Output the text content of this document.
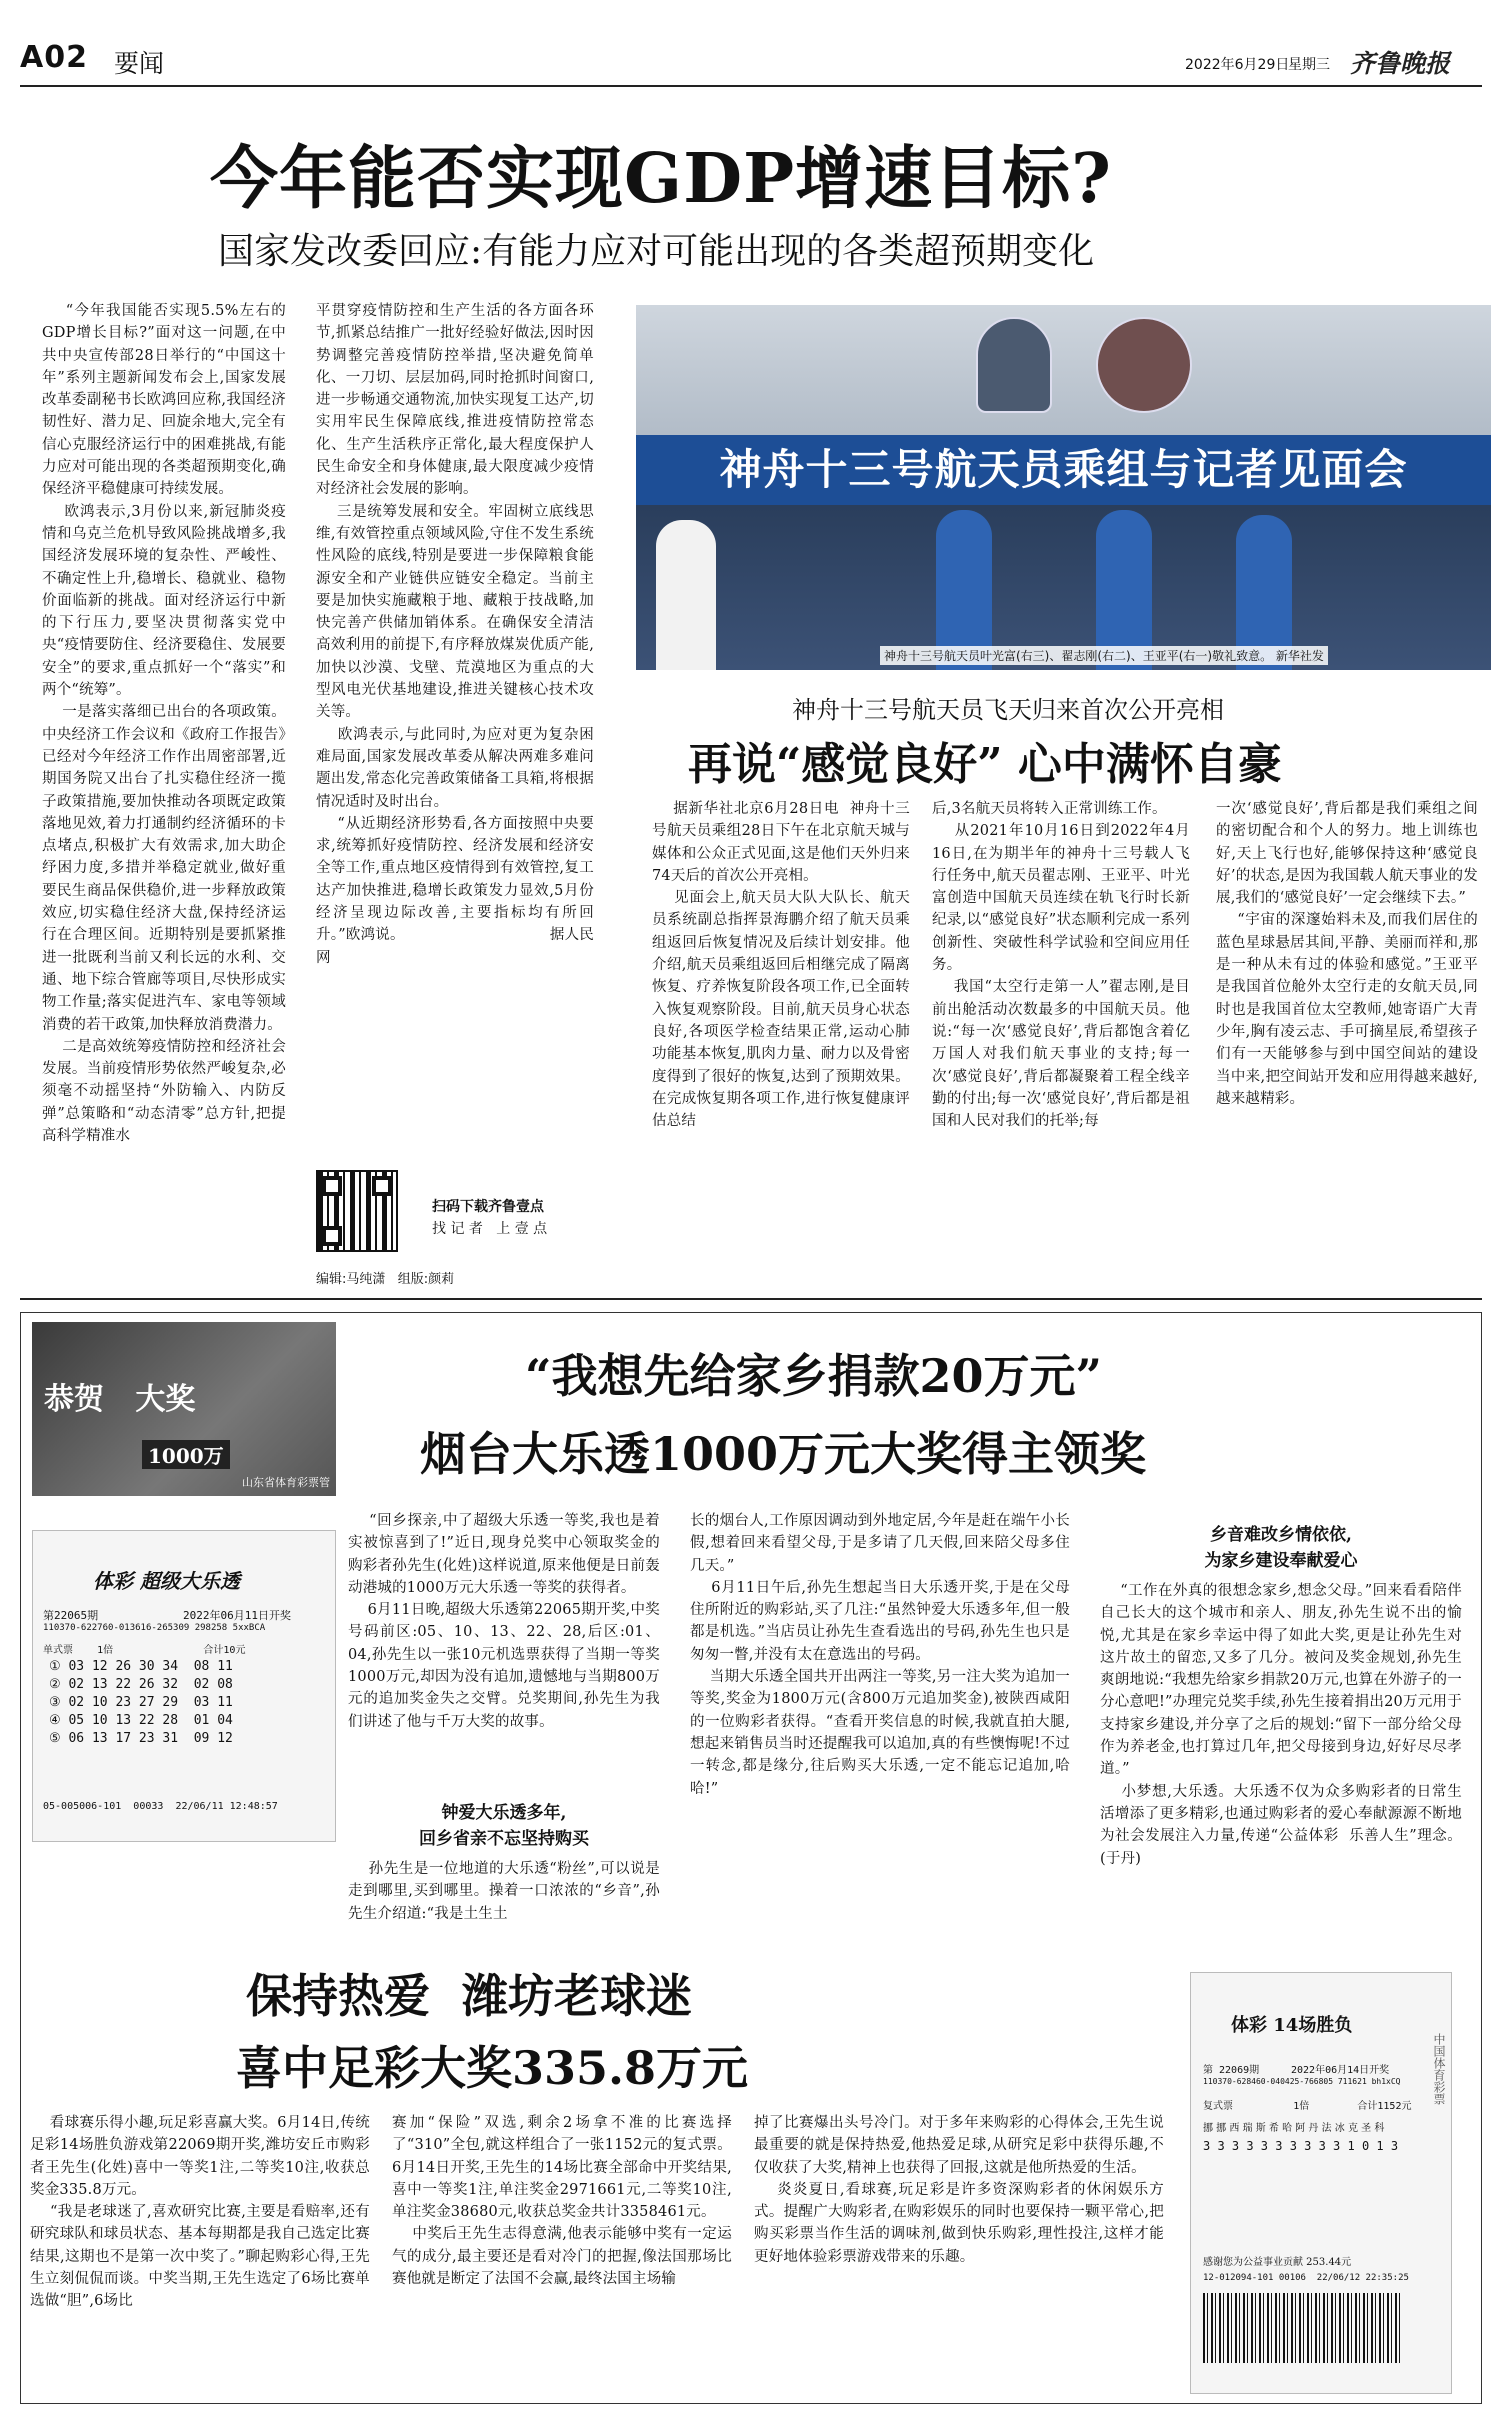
A02 要闻	2022年6月29日
星期三 齐鲁晚报
今年能否实现GDP增速目标?
国家发改委回应:有能力应对可能出现的各类超预期变化
“今年我国能否实现5.5%左右的GDP增长目标?”面对这一问题,在中共中央宣传部28日举行的“中国这十年”系列主题新闻发布会上,国家发展改革委副秘书长欧鸿回应称,我国经济韧性好、潜力足、回旋余地大,完全有信心克服经济运行中的困难挑战,有能力应对可能出现的各类超预期变化,确保经济平稳健康可持续发展。
欧鸿表示,3月份以来,新冠肺炎疫情和乌克兰危机导致风险挑战增多,我国经济发展环境的复杂性、严峻性、不确定性上升,稳增长、稳就业、稳物价面临新的挑战。面对经济运行中新的下行压力,要坚决贯彻落实党中央“疫情要防住、经济要稳住、发展要安全”的要求,重点抓好一个“落实”和两个“统筹”。
一是落实落细已出台的各项政策。中央经济工作会议和《政府工作报告》已经对今年经济工作作出周密部署,近期国务院又出台了扎实稳住经济一揽子政策措施,要加快推动各项既定政策落地见效,着力打通制约经济循环的卡点堵点,积极扩大有效需求,加大助企纾困力度,多措并举稳定就业,做好重要民生商品保供稳价,进一步释放政策效应,切实稳住经济大盘,保持经济运行在合理区间。近期特别是要抓紧推进一批既利当前又利长远的水利、交通、地下综合管廊等项目,尽快形成实物工作量;落实促进汽车、家电等领域消费的若干政策,加快释放消费潜力。
二是高效统筹疫情防控和经济社会发展。当前疫情形势依然严峻复杂,必须毫不动摇坚持“外防输入、内防反弹”总策略和“动态清零”总方针,把提高科学精准水
平贯穿疫情防控和生产生活的各方面各环节,抓紧总结推广一批好经验好做法,因时因势调整完善疫情防控举措,坚决避免简单化、一刀切、层层加码,同时抢抓时间窗口,进一步畅通交通物流,加快实现复工达产,切实用牢民生保障底线,推进疫情防控常态化、生产生活秩序正常化,最大程度保护人民生命安全和身体健康,最大限度减少疫情对经济社会发展的影响。
三是统筹发展和安全。牢固树立底线思维,有效管控重点领域风险,守住不发生系统性风险的底线,特别是要进一步保障粮食能源安全和产业链供应链安全稳定。当前主要是加快实施藏粮于地、藏粮于技战略,加快完善产供储加销体系。在确保安全清洁高效利用的前提下,有序释放煤炭优质产能,加快以沙漠、戈壁、荒漠地区为重点的大型风电光伏基地建设,推进关键核心技术攻关等。
欧鸿表示,与此同时,为应对更为复杂困难局面,国家发展改革委从解决两难多难问题出发,常态化完善政策储备工具箱,将根据情况适时及时出台。
“从近期经济形势看,各方面按照中央要求,统筹抓好疫情防控、经济发展和经济安全等工作,重点地区疫情得到有效管控,复工达产加快推进,稳增长政策发力显效,5月份经济呈现边际改善,主要指标均有所回升。”欧鸿说。                              据人民网
扫码下载齐鲁壹点
找 记 者   上 壹 点
编辑:马纯潇   组版:颜莉
神舟十三号航天员乘组与记者见面会
神舟十三号航天员叶光富(右三)、翟志刚(右二)、王亚平(右一)敬礼致意。 新华社发
神舟十三号航天员飞天归来首次公开亮相
再说“感觉良好” 心中满怀自豪
据新华社北京6月28日电  神舟十三号航天员乘组28日下午在北京航天城与媒体和公众正式见面,这是他们天外归来74天后的首次公开亮相。
见面会上,航天员大队大队长、航天员系统副总指挥景海鹏介绍了航天员乘组返回后恢复情况及后续计划安排。他介绍,航天员乘组返回后相继完成了隔离恢复、疗养恢复阶段各项工作,已全面转入恢复观察阶段。目前,航天员身心状态良好,各项医学检查结果正常,运动心肺功能基本恢复,肌肉力量、耐力以及骨密度得到了很好的恢复,达到了预期效果。在完成恢复期各项工作,进行恢复健康评估总结
后,3名航天员将转入正常训练工作。
从2021年10月16日到2022年4月16日,在为期半年的神舟十三号载人飞行任务中,航天员翟志刚、王亚平、叶光富创造中国航天员连续在轨飞行时长新纪录,以“感觉良好”状态顺利完成一系列创新性、突破性科学试验和空间应用任务。
我国“太空行走第一人”翟志刚,是目前出舱活动次数最多的中国航天员。他说:“每一次‘感觉良好’,背后都饱含着亿万国人对我们航天事业的支持;每一次‘感觉良好’,背后都凝聚着工程全线辛勤的付出;每一次‘感觉良好’,背后都是祖国和人民对我们的托举;每
一次‘感觉良好’,背后都是我们乘组之间的密切配合和个人的努力。地上训练也好,天上飞行也好,能够保持这种‘感觉良好’的状态,是因为我国载人航天事业的发展,我们的‘感觉良好’一定会继续下去。”
“宇宙的深邃始料未及,而我们居住的蓝色星球悬居其间,平静、美丽而祥和,那是一种从未有过的体验和感觉。”王亚平是我国首位舱外太空行走的女航天员,同时也是我国首位太空教师,她寄语广大青少年,胸有凌云志、手可摘星辰,希望孩子们有一天能够参与到中国空间站的建设当中来,把空间站开发和应用得越来越好,越来越精彩。
恭贺   大奖
1000万
山东省体育彩票管
体彩 超级大乐透
第22065期	2022年06月11日开奖
110370-622760-013616-265309 298258 5xxBCA
单式票    1倍               合计10元
① 03 12 26 30 34  08 11
② 02 13 22 26 32  02 08
③ 02 10 23 27 29  03 11
④ 05 10 13 22 28  01 04
⑤ 06 13 17 23 31  09 12
05-005006-101  00033  22/06/11 12:48:57
“我想先给家乡捐款20万元”
烟台大乐透1000万元大奖得主领奖
“回乡探亲,中了超级大乐透一等奖,我也是着实被惊喜到了!”近日,现身兑奖中心领取奖金的购彩者孙先生(化姓)这样说道,原来他便是日前轰动港城的1000万元大乐透一等奖的获得者。
6月11日晚,超级大乐透第22065期开奖,中奖号码前区:05、10、13、22、28,后区:01、04,孙先生以一张10元机选票获得了当期一等奖1000万元,却因为没有追加,遗憾地与当期800万元的追加奖金失之交臂。兑奖期间,孙先生为我们讲述了他与千万大奖的故事。
钟爱大乐透多年,
回乡省亲不忘坚持购买
孙先生是一位地道的大乐透“粉丝”,可以说是走到哪里,买到哪里。操着一口浓浓的“乡音”,孙先生介绍道:“我是土生土
长的烟台人,工作原因调动到外地定居,今年是赶在端午小长假,想着回来看望父母,于是多请了几天假,回来陪父母多住几天。”
6月11日午后,孙先生想起当日大乐透开奖,于是在父母住所附近的购彩站,买了几注:“虽然钟爱大乐透多年,但一般都是机选。”当店员让孙先生查看选出的号码,孙先生也只是匆匆一瞥,并没有太在意选出的号码。
当期大乐透全国共开出两注一等奖,另一注大奖为追加一等奖,奖金为1800万元(含800万元追加奖金),被陕西咸阳的一位购彩者获得。“查看开奖信息的时候,我就直拍大腿,想起来销售员当时还提醒我可以追加,真的有些懊悔呢!不过一转念,都是缘分,往后购买大乐透,一定不能忘记追加,哈哈!”
乡音难改乡情依依,
为家乡建设奉献爱心
“工作在外真的很想念家乡,想念父母。”回来看看陪伴自己长大的这个城市和亲人、朋友,孙先生说不出的愉悦,尤其是在家乡幸运中得了如此大奖,更是让孙先生对这片故土的留恋,又多了几分。被问及奖金规划,孙先生爽朗地说:“我想先给家乡捐款20万元,也算在外游子的一分心意吧!”办理完兑奖手续,孙先生接着捐出20万元用于支持家乡建设,并分享了之后的规划:“留下一部分给父母作为养老金,也打算过几年,把父母接到身边,好好尽尽孝道。”
小梦想,大乐透。大乐透不仅为众多购彩者的日常生活增添了更多精彩,也通过购彩者的爱心奉献源源不断地为社会发展注入力量,传递“公益体彩  乐善人生”理念。 (于丹)
保持热爱  潍坊老球迷
喜中足彩大奖335.8万元
看球赛乐得小趣,玩足彩喜赢大奖。6月14日,传统足彩14场胜负游戏第22069期开奖,潍坊安丘市购彩者王先生(化姓)喜中一等奖1注,二等奖10注,收获总奖金335.8万元。
“我是老球迷了,喜欢研究比赛,主要是看赔率,还有研究球队和球员状态、基本每期都是我自己选定比赛结果,这期也不是第一次中奖了。”聊起购彩心得,王先生立刻侃侃而谈。中奖当期,王先生选定了6场比赛单选做“胆”,6场比
赛加“保险”双选,剩余2场拿不准的比赛选择了“310”全包,就这样组合了一张1152元的复式票。6月14日开奖,王先生的14场比赛全部命中开奖结果,喜中一等奖1注,单注奖金2971661元,二等奖10注,单注奖金38680元,收获总奖金共计3358461元。
中奖后王先生志得意满,他表示能够中奖有一定运气的成分,最主要还是看对冷门的把握,像法国那场比赛他就是断定了法国不会赢,最终法国主场输
掉了比赛爆出头号冷门。对于多年来购彩的心得体会,王先生说最重要的就是保持热爱,他热爱足球,从研究足彩中获得乐趣,不仅收获了大奖,精神上也获得了回报,这就是他所热爱的生活。
炎炎夏日,看球赛,玩足彩是许多资深购彩者的休闲娱乐方式。提醒广大购彩者,在购彩娱乐的同时也要保持一颗平常心,把购买彩票当作生活的调味剂,做到快乐购彩,理性投注,这样才能更好地体验彩票游戏带来的乐趣。
体彩 14场胜负
第 22069期	2022年06月14日开奖
110370-628460-040425-766805 711621 bh1xCQ
复式票          1倍        合计1152元
挪 挪 西 瑞 斯 希 哈 阿 丹 法 冰 克 圣 科
3 3 3 3 3 3 3 3 3 3 1 0 1 3
感谢您为公益事业贡献 253.44元
12-012094-101 00106  22/06/12 22:35:25
中国体育彩票
